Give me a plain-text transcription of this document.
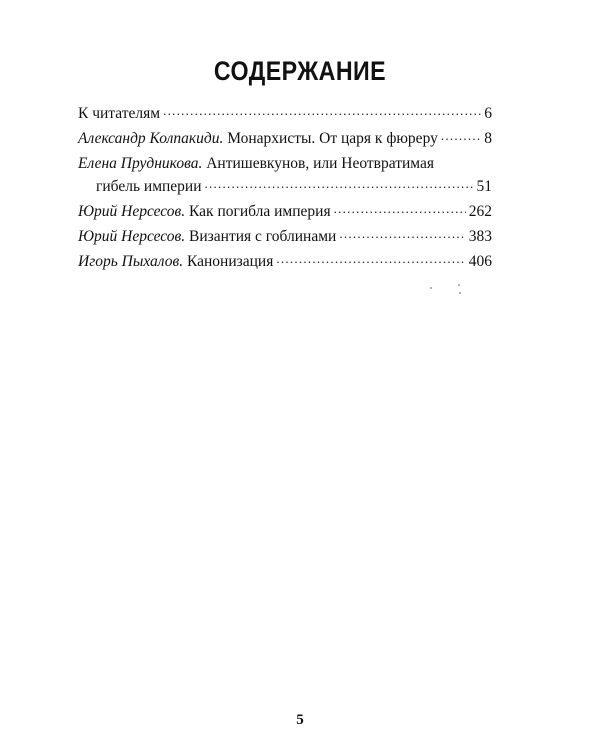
СОДЕРЖАНИЕ
К читателям . . .	6
Александр Колпакиди. Монархисты. От царя к фюреру . . .	8
Елена Прудникова. Антишевкунов, или Неотвратимая
гибель империи . . .	51
Юрий Нерсесов. Как погибла империя . . .	262
Юрий Нерсесов. Византия с гоблинами . . .	383
Игорь Пыхалов. Канонизация . . .	406
5
